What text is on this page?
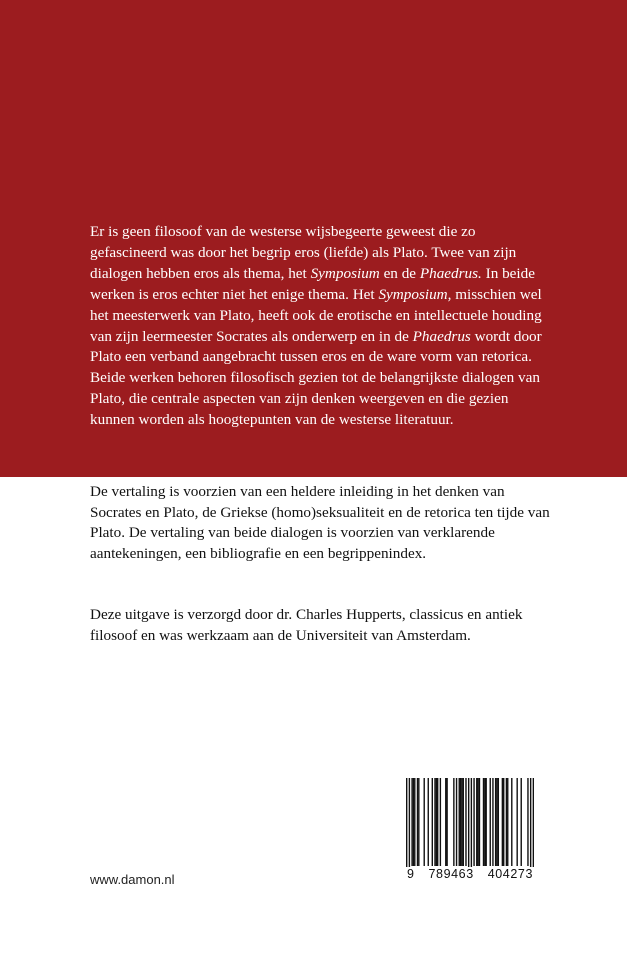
Er is geen filosoof van de westerse wijsbegeerte geweest die zo gefascineerd was door het begrip eros (liefde) als Plato. Twee van zijn dialogen hebben eros als thema, het Symposium en de Phaedrus. In beide werken is eros echter niet het enige thema. Het Symposium, misschien wel het meesterwerk van Plato, heeft ook de erotische en intellectuele houding van zijn leermeester Socrates als onderwerp en in de Phaedrus wordt door Plato een verband aangebracht tussen eros en de ware vorm van retorica. Beide werken behoren filosofisch gezien tot de belangrijkste dialogen van Plato, die centrale aspecten van zijn denken weergeven en die gezien kunnen worden als hoogtepunten van de westerse literatuur.

De vertaling is voorzien van een heldere inleiding in het denken van Socrates en Plato, de Griekse (homo)seksualiteit en de retorica ten tijde van Plato. De vertaling van beide dialogen is voorzien van verklarende aantekeningen, een bibliografie en een begrippenindex.

Deze uitgave is verzorgd door dr. Charles Hupperts, classicus en antiek filosoof en was werkzaam aan de Universiteit van Amsterdam.

www.damon.nl	9 789463 404273
